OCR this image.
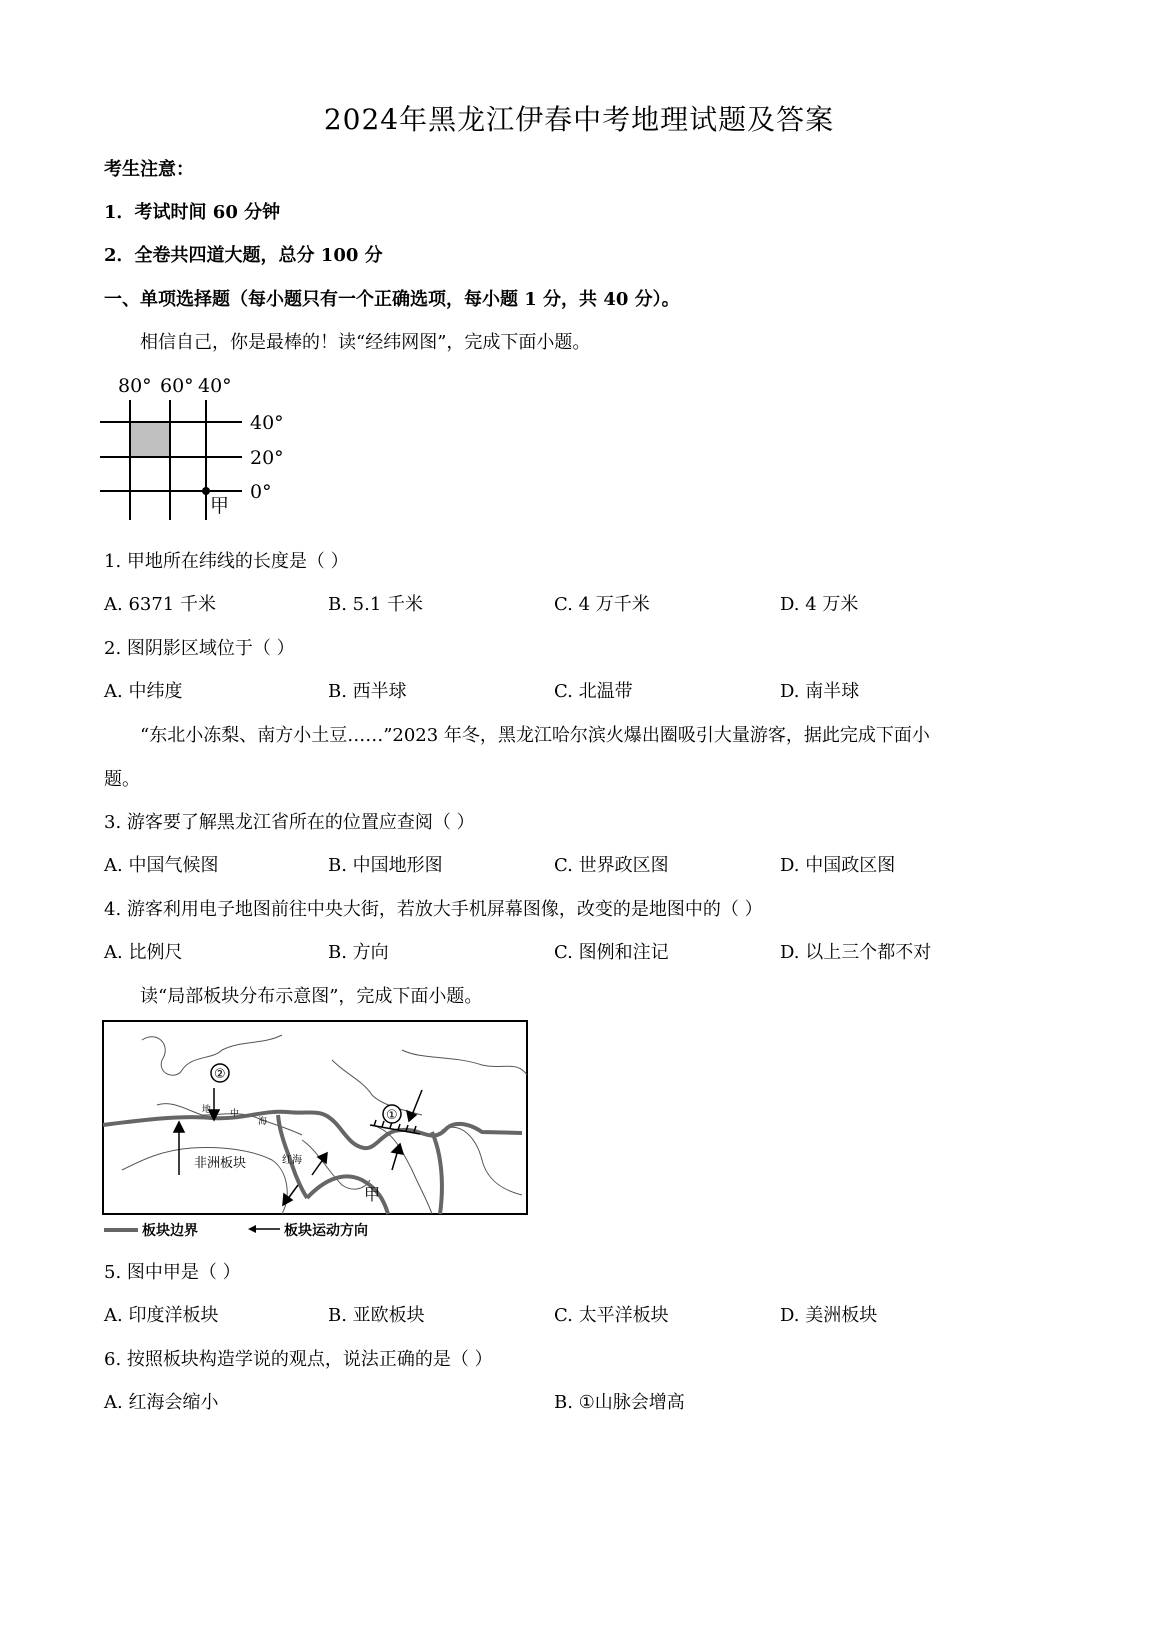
2024年黑龙江伊春中考地理试题及答案
考生注意：
1．考试时间 60 分钟
2．全卷共四道大题，总分 100 分
一、单项选择题（每小题只有一个正确选项，每小题 1 分，共 40 分）。
相信自己，你是最棒的！读“经纬网图”，完成下面小题。
80° 60° 40°
40°
20°
0°
甲
1. 甲地所在纬线的长度是（ ）
A. 6371 千米	B. 5.1 千米	C. 4 万千米	D. 4 万米
2. 图阴影区域位于（ ）
A. 中纬度	B. 西半球	C. 北温带	D. 南半球
“东北小冻梨、南方小土豆……”2023 年冬，黑龙江哈尔滨火爆出圈吸引大量游客，据此完成下面小
题。
3. 游客要了解黑龙江省所在的位置应查阅（ ）
A. 中国气候图	B. 中国地形图	C. 世界政区图	D. 中国政区图
4. 游客利用电子地图前往中央大街，若放大手机屏幕图像，改变的是地图中的（ ）
A. 比例尺	B. 方向	C. 图例和注记	D. 以上三个都不对
读“局部板块分布示意图”，完成下面小题。
②
①
非洲板块	红海
地 中
海
甲
板块边界	板块运动方向
5. 图中甲是（ ）
A. 印度洋板块	B. 亚欧板块	C. 太平洋板块	D. 美洲板块
6. 按照板块构造学说的观点，说法正确的是（ ）
A. 红海会缩小	B. ①山脉会增高
